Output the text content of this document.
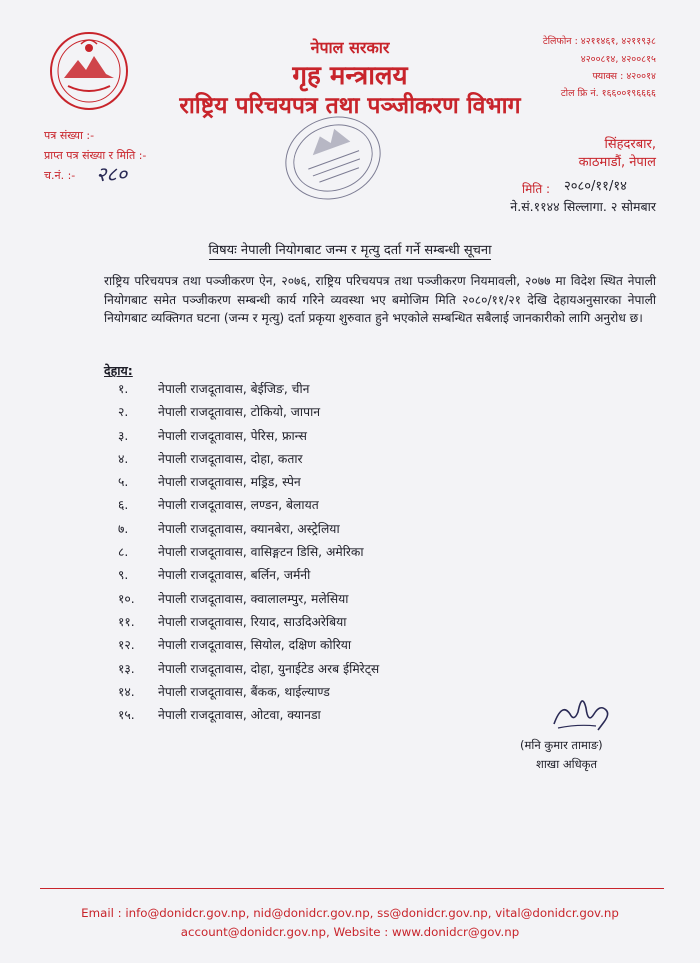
नेपाल सरकार
गृह मन्त्रालय
राष्ट्रिय परिचयपत्र तथा पञ्जीकरण विभाग
टेलिफोन : ४२११४६१, ४२११९३८
४२००८१४, ४२००८१५
फ्याक्स : ४२००१४
टोल फ्रि नं. १६६००१९६६६६
पत्र संख्या :-
प्राप्त पत्र संख्या र मिति :-
च.नं. :- २८०
सिंहदरबार,
काठमाडौं, नेपाल
मिति : २०८०/११/१४
ने.सं.११४४ सिल्लागा. २ सोमबार
विषयः नेपाली नियोगबाट जन्म र मृत्यु दर्ता गर्ने सम्बन्धी सूचना
राष्ट्रिय परिचयपत्र तथा पञ्जीकरण ऐन, २०७६, राष्ट्रिय परिचयपत्र तथा पञ्जीकरण नियमावली, २०७७ मा विदेश स्थित नेपाली नियोगबाट समेत पञ्जीकरण सम्बन्धी कार्य गरिने व्यवस्था भए बमोजिम मिति २०८०/११/२१ देखि देहायअनुसारका नेपाली नियोगबाट व्यक्तिगत घटना (जन्म र मृत्यु) दर्ता प्रकृया शुरुवात हुने भएकोले सम्बन्धित सबैलाई जानकारीको लागि अनुरोध छ।
देहाय:
१.	नेपाली राजदूतावास, बेईजिङ, चीन
२.	नेपाली राजदूतावास, टोकियो, जापान
३.	नेपाली राजदूतावास, पेरिस, फ्रान्स
४.	नेपाली राजदूतावास, दोहा, कतार
५.	नेपाली राजदूतावास, मड्रिड, स्पेन
६.	नेपाली राजदूतावास, लण्डन, बेलायत
७.	नेपाली राजदूतावास, क्यानबेरा, अस्ट्रेलिया
८.	नेपाली राजदूतावास, वासिङ्गटन डिसि, अमेरिका
९.	नेपाली राजदूतावास, बर्लिन, जर्मनी
१०.	नेपाली राजदूतावास, क्वालालम्पुर, मलेसिया
११.	नेपाली राजदूतावास, रियाद, साउदिअरेबिया
१२.	नेपाली राजदूतावास, सियोल, दक्षिण कोरिया
१३.	नेपाली राजदूतावास, दोहा, युनाईटेड अरब ईमिरेट्स
१४.	नेपाली राजदूतावास, बैंकक, थाईल्याण्ड
१५.	नेपाली राजदूतावास, ओटवा, क्यानडा
(मनि कुमार तामाङ)
शाखा अधिकृत
Email : info@donidcr.gov.np, nid@donidcr.gov.np, ss@donidcr.gov.np, vital@donidcr.gov.np
account@donidcr.gov.np, Website : www.donidcr@gov.np
